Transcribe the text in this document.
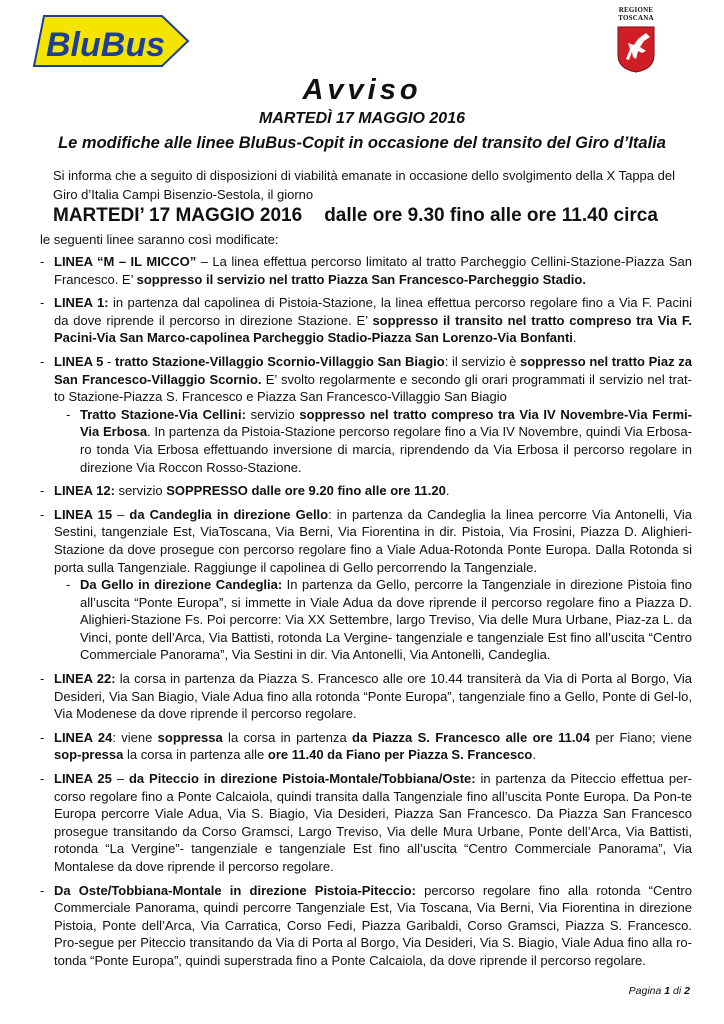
BluBus
REGIONE
TOSCANA
Avviso
MARTEDÌ 17 MAGGIO 2016
Le modifiche alle linee BluBus-Copit in occasione del transito del Giro d’Italia
Si informa che a seguito di disposizioni di viabilità emanate in occasione dello svolgimento della X Tappa del Giro d’Italia Campi Bisenzio-Sestola, il giorno
MARTEDI’ 17 MAGGIO 2016 dalle ore 9.30 fino alle ore 11.40 circa
le seguenti linee saranno così modificate:
- LINEA “M – IL MICCO” – La linea effettua percorso limitato al tratto Parcheggio Cellini-Stazione-Piazza San Francesco. E’ soppresso il servizio nel tratto Piazza San Francesco-Parcheggio Stadio.
- LINEA 1: in partenza dal capolinea di Pistoia-Stazione, la linea effettua percorso regolare fino a Via F. Pacini da dove riprende il percorso in direzione Stazione. E’ soppresso il transito nel tratto compreso tra Via F. Pacini-Via San Marco-capolinea Parcheggio Stadio-Piazza San Lorenzo-Via Bonfanti.
- LINEA 5 - tratto Stazione-Villaggio Scornio-Villaggio San Biagio: il servizio è soppresso nel tratto Piaz za San Francesco-Villaggio Scornio. E’ svolto regolarmente e secondo gli orari programmati il servizio nel trat-to Stazione-Piazza S. Francesco e Piazza San Francesco-Villaggio San Biagio
- Tratto Stazione-Via Cellini: servizio soppresso nel tratto compreso tra Via IV Novembre-Via Fermi- Via Erbosa. In partenza da Pistoia-Stazione percorso regolare fino a Via IV Novembre, quindi Via Erbosa-ro tonda Via Erbosa effettuando inversione di marcia, riprendendo da Via Erbosa il percorso regolare in direzione Via Roccon Rosso-Stazione.
- LINEA 12: servizio SOPPRESSO dalle ore 9.20 fino alle ore 11.20.
- LINEA 15 – da Candeglia in direzione Gello: in partenza da Candeglia la linea percorre Via Antonelli, Via Sestini, tangenziale Est, ViaToscana, Via Berni, Via Fiorentina in dir. Pistoia, Via Frosini, Piazza D. Alighieri-Stazione da dove prosegue con percorso regolare fino a Viale Adua-Rotonda Ponte Europa. Dalla Rotonda si porta sulla Tangenziale. Raggiunge il capolinea di Gello percorrendo la Tangenziale.
- Da Gello in direzione Candeglia: In partenza da Gello, percorre la Tangenziale in direzione Pistoia fino all’uscita “Ponte Europa”, si immette in Viale Adua da dove riprende il percorso regolare fino a Piazza D. Alighieri-Stazione Fs. Poi percorre: Via XX Settembre, largo Treviso, Via delle Mura Urbane, Piaz-za L. da Vinci, ponte dell’Arca, Via Battisti, rotonda La Vergine- tangenziale e tangenziale Est fino all’uscita “Centro Commerciale Panorama”, Via Sestini in dir. Via Antonelli, Via Antonelli, Candeglia.
- LINEA 22: la corsa in partenza da Piazza S. Francesco alle ore 10.44 transiterà da Via di Porta al Borgo, Via Desideri, Via San Biagio, Viale Adua fino alla rotonda “Ponte Europa”, tangenziale fino a Gello, Ponte di Gel-lo, Via Modenese da dove riprende il percorso regolare.
- LINEA 24: viene soppressa la corsa in partenza da Piazza S. Francesco alle ore 11.04 per Fiano; viene sop-pressa la corsa in partenza alle ore 11.40 da Fiano per Piazza S. Francesco.
- LINEA 25 – da Piteccio in direzione Pistoia-Montale/Tobbiana/Oste: in partenza da Piteccio effettua per-corso regolare fino a Ponte Calcaiola, quindi transita dalla Tangenziale fino all’uscita Ponte Europa. Da Pon-te Europa percorre Viale Adua, Via S. Biagio, Via Desideri, Piazza San Francesco. Da Piazza San Francesco prosegue transitando da Corso Gramsci, Largo Treviso, Via delle Mura Urbane, Ponte dell’Arca, Via Battisti, rotonda “La Vergine”- tangenziale e tangenziale Est fino all’uscita “Centro Commerciale Panorama”, Via Montalese da dove riprende il percorso regolare.
- Da Oste/Tobbiana-Montale in direzione Pistoia-Piteccio: percorso regolare fino alla rotonda “Centro Commerciale Panorama, quindi percorre Tangenziale Est, Via Toscana, Via Berni, Via Fiorentina in direzione Pistoia, Ponte dell’Arca, Via Carratica, Corso Fedi, Piazza Garibaldi, Corso Gramsci, Piazza S. Francesco. Pro-segue per Piteccio transitando da Via di Porta al Borgo, Via Desideri, Via S. Biagio, Viale Adua fino alla ro-tonda “Ponte Europa”, quindi superstrada fino a Ponte Calcaiola, da dove riprende il percorso regolare.
Pagina 1 di 2
